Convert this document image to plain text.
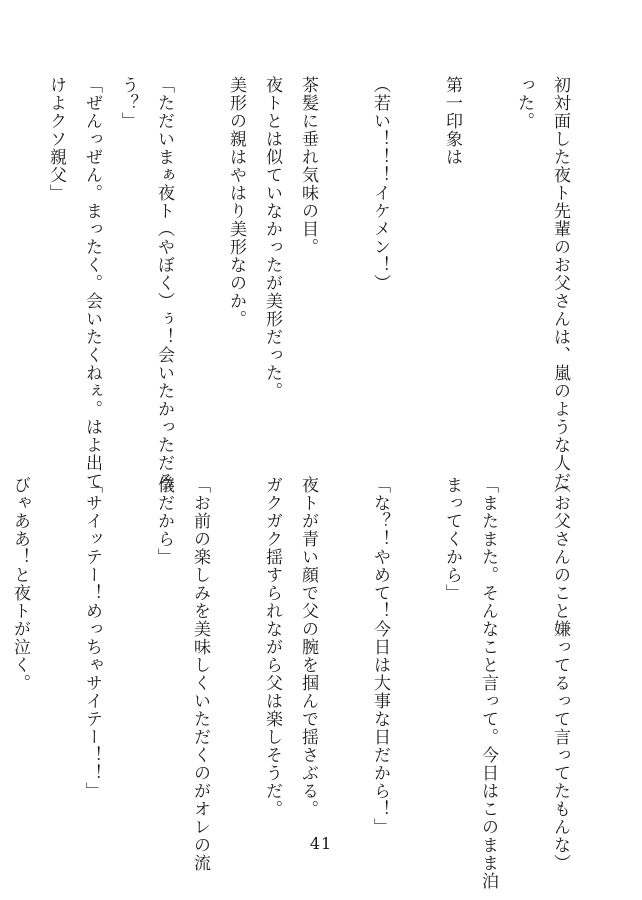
初対面した夜ト先輩のお父さんは、嵐のような人だ
った。

第一印象は

（若い！！！イケメン！）

茶髪に垂れ気味の目。
夜トとは似ていなかったが美形だった。
美形の親はやはり美形なのか。

「ただいまぁ夜ト（やぼく）ぅ！会いたかっただろ
う？」
「ぜんっぜん。まったく。会いたくねぇ。はよ出て
けよクソ親父」

（お父さんのこと嫌ってるって言ってたもんな）

「またまた。そんなこと言って。今日はこのまま泊
まってくから」

「な？！やめて！今日は大事な日だから！」

夜トが青い顔で父の腕を掴んで揺さぶる。
ガクガク揺すられながら父は楽しそうだ。

「お前の楽しみを美味しくいただくのがオレの流
儀だから」

「サイッテー！めっちゃサイテー！！」

びゃああ！と夜トが泣く。
41
